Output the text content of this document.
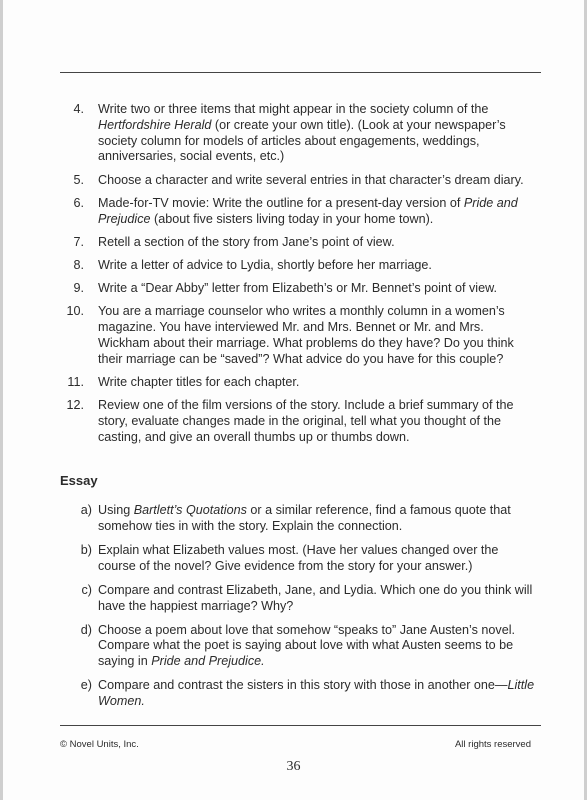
4.	Write two or three items that might appear in the society column of the Hertfordshire Herald (or create your own title). (Look at your newspaper’s society column for models of articles about engagements, weddings, anniversaries, social events, etc.)
5.	Choose a character and write several entries in that character’s dream diary.
6.	Made-for-TV movie: Write the outline for a present-day version of Pride and Prejudice (about five sisters living today in your home town).
7.	Retell a section of the story from Jane’s point of view.
8.	Write a letter of advice to Lydia, shortly before her marriage.
9.	Write a “Dear Abby” letter from Elizabeth’s or Mr. Bennet’s point of view.
10.	You are a marriage counselor who writes a monthly column in a women’s magazine. You have interviewed Mr. and Mrs. Bennet or Mr. and Mrs. Wickham about their marriage. What problems do they have? Do you think their marriage can be “saved”? What advice do you have for this couple?
11.	Write chapter titles for each chapter.
12.	Review one of the film versions of the story. Include a brief summary of the story, evaluate changes made in the original, tell what you thought of the casting, and give an overall thumbs up or thumbs down.
Essay
a) Using Bartlett’s Quotations or a similar reference, find a famous quote that somehow ties in with the story. Explain the connection.
b) Explain what Elizabeth values most. (Have her values changed over the course of the novel? Give evidence from the story for your answer.)
c) Compare and contrast Elizabeth, Jane, and Lydia. Which one do you think will have the happiest marriage? Why?
d) Choose a poem about love that somehow “speaks to” Jane Austen’s novel. Compare what the poet is saying about love with what Austen seems to be saying in Pride and Prejudice.
e) Compare and contrast the sisters in this story with those in another one—Little Women.
© Novel Units, Inc.	All rights reserved
36
